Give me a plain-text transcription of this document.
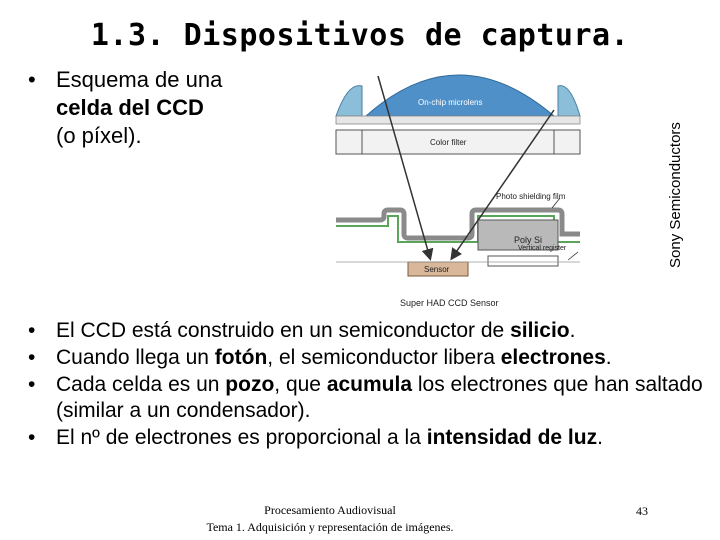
1.3. Dispositivos de captura.
• Esquema de una
celda del CCD
(o píxel).
On-chip microlens
Color filter
Photo shielding film
Poly Si
Vertical register
Sensor
Super HAD CCD Sensor
Sony Semiconductors
• El CCD está construido en un semiconductor de silicio.
• Cuando llega un fotón, el semiconductor libera electrones.
• Cada celda es un pozo, que acumula los electrones que han saltado (similar a un condensador).
• El nº de electrones es proporcional a la intensidad de luz.
Procesamiento Audiovisual
Tema 1. Adquisición y representación de imágenes.
43
